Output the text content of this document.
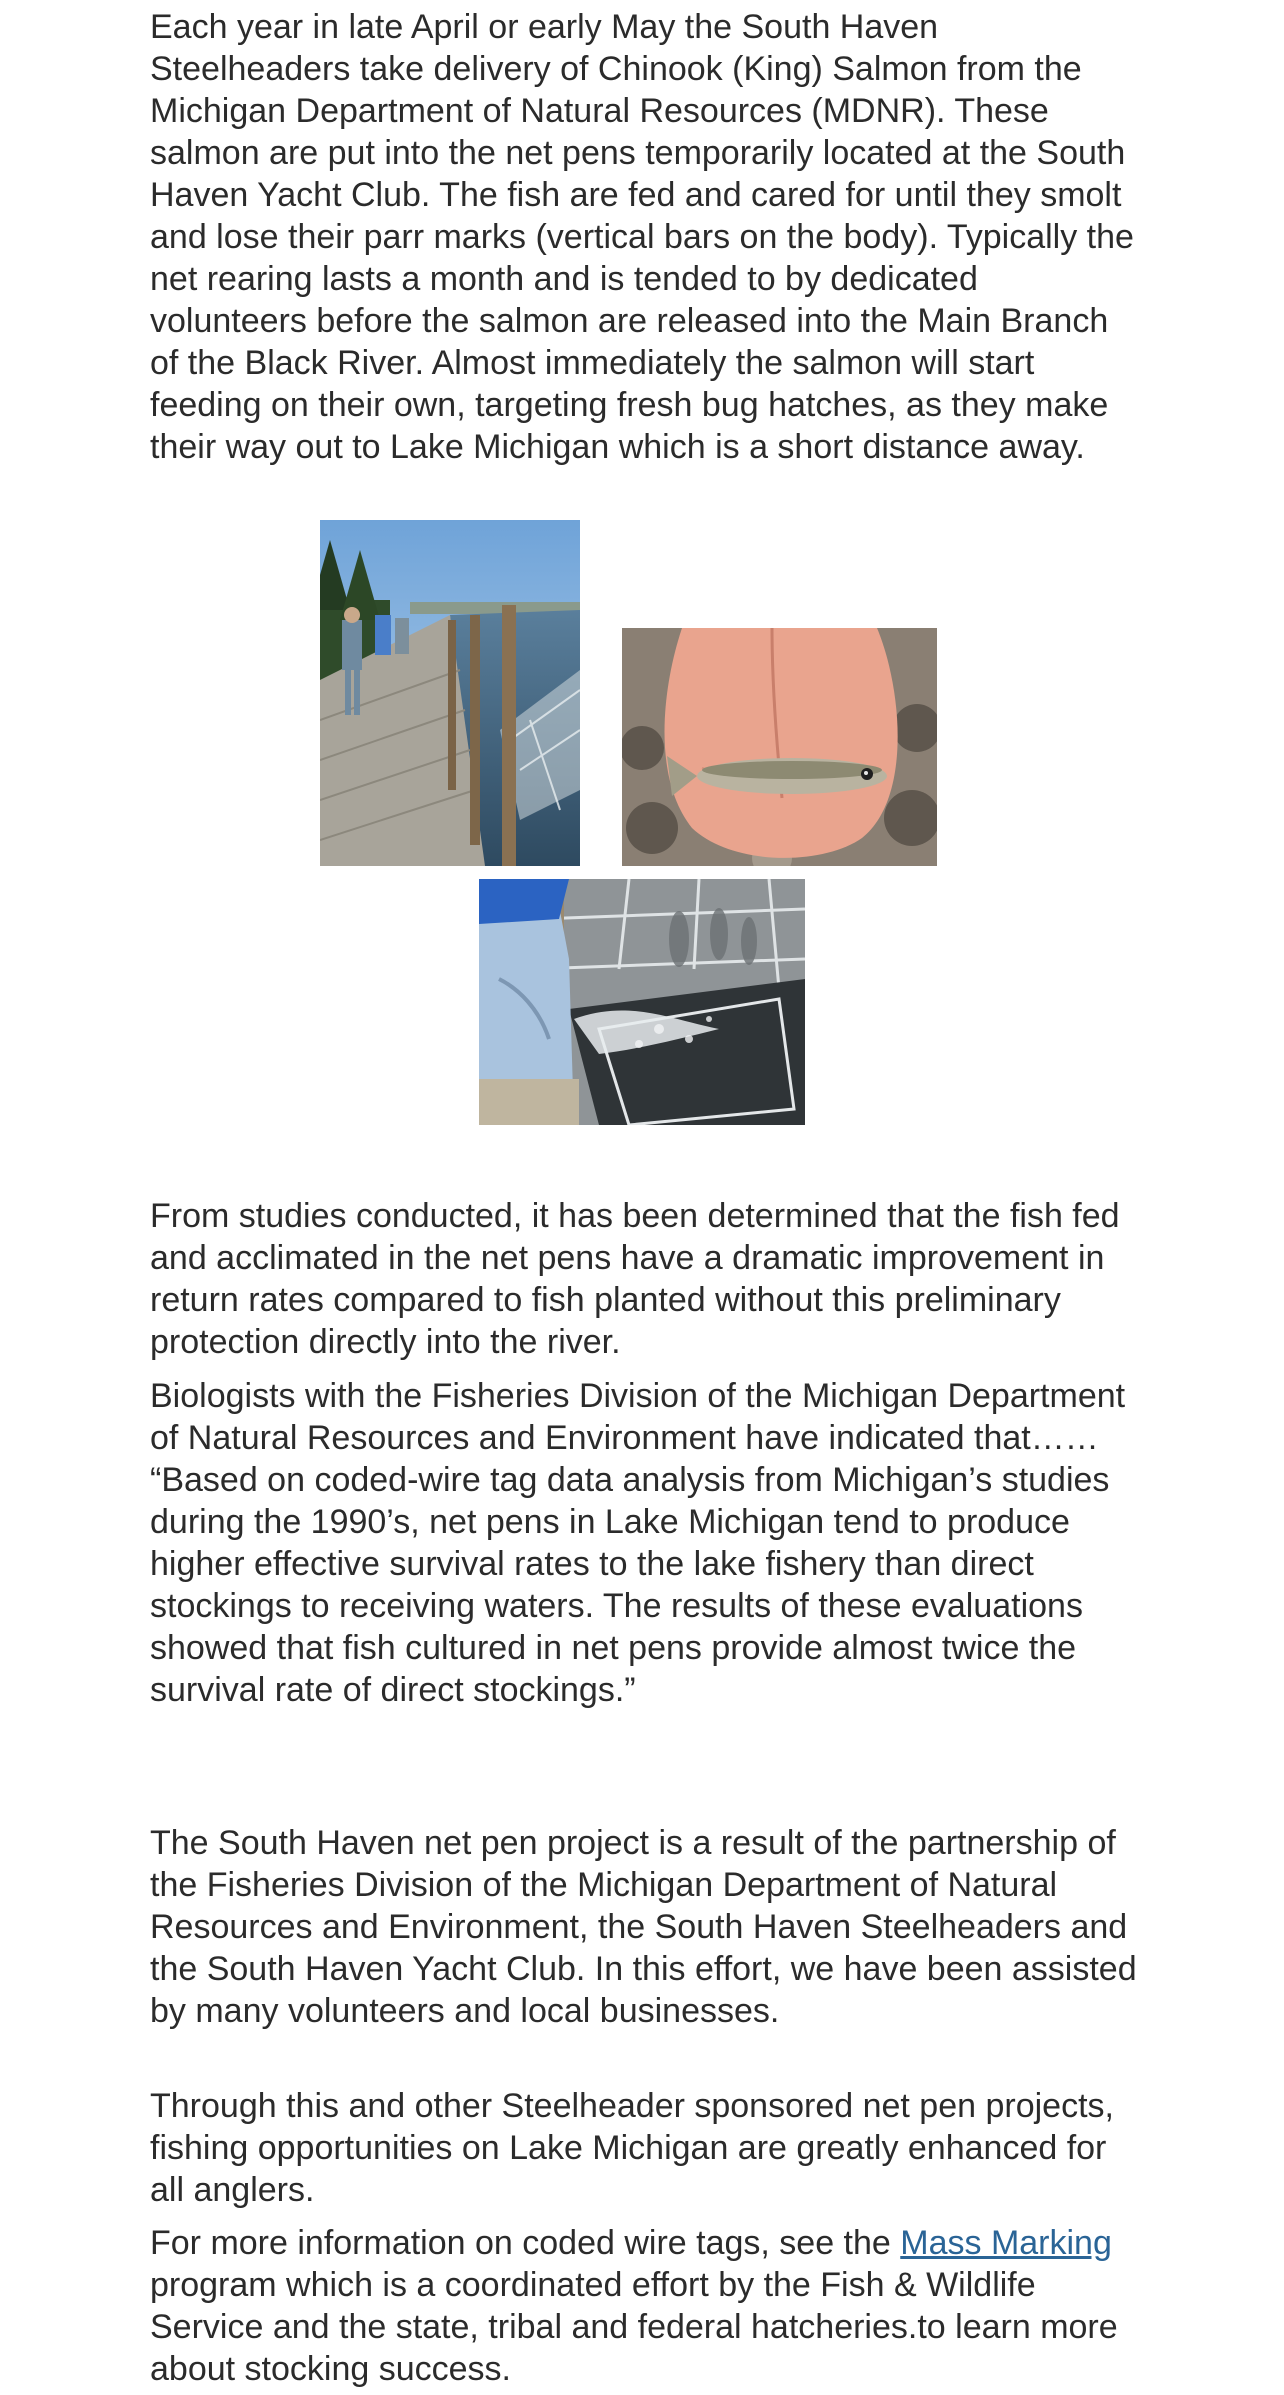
Each year in late April or early May the South Haven Steelheaders take delivery of Chinook (King) Salmon from the Michigan Department of Natural Resources (MDNR). These salmon are put into the net pens temporarily located at the South Haven Yacht Club. The fish are fed and cared for until they smolt and lose their parr marks (vertical bars on the body). Typically the net rearing lasts a month and is tended to by dedicated volunteers before the salmon are released into the Main Branch of the Black River. Almost immediately the salmon will start feeding on their own, targeting fresh bug hatches, as they make their way out to Lake Michigan which is a short distance away.

From studies conducted, it has been determined that the fish fed and acclimated in the net pens have a dramatic improvement in return rates compared to fish planted without this preliminary protection directly into the river.

Biologists with the Fisheries Division of the Michigan Department of Natural Resources and Environment have indicated that…… “Based on coded-wire tag data analysis from Michigan’s studies during the 1990’s, net pens in Lake Michigan tend to produce higher effective survival rates to the lake fishery than direct stockings to receiving waters. The results of these evaluations showed that fish cultured in net pens provide almost twice the survival rate of direct stockings.”

The South Haven net pen project is a result of the partnership of the Fisheries Division of the Michigan Department of Natural Resources and Environment, the South Haven Steelheaders and the South Haven Yacht Club. In this effort, we have been assisted by many volunteers and local businesses.

Through this and other Steelheader sponsored net pen projects, fishing opportunities on Lake Michigan are greatly enhanced for all anglers.

For more information on coded wire tags, see the Mass Marking program which is a coordinated effort by the Fish & Wildlife Service and the state, tribal and federal hatcheries.to learn more about stocking success.
